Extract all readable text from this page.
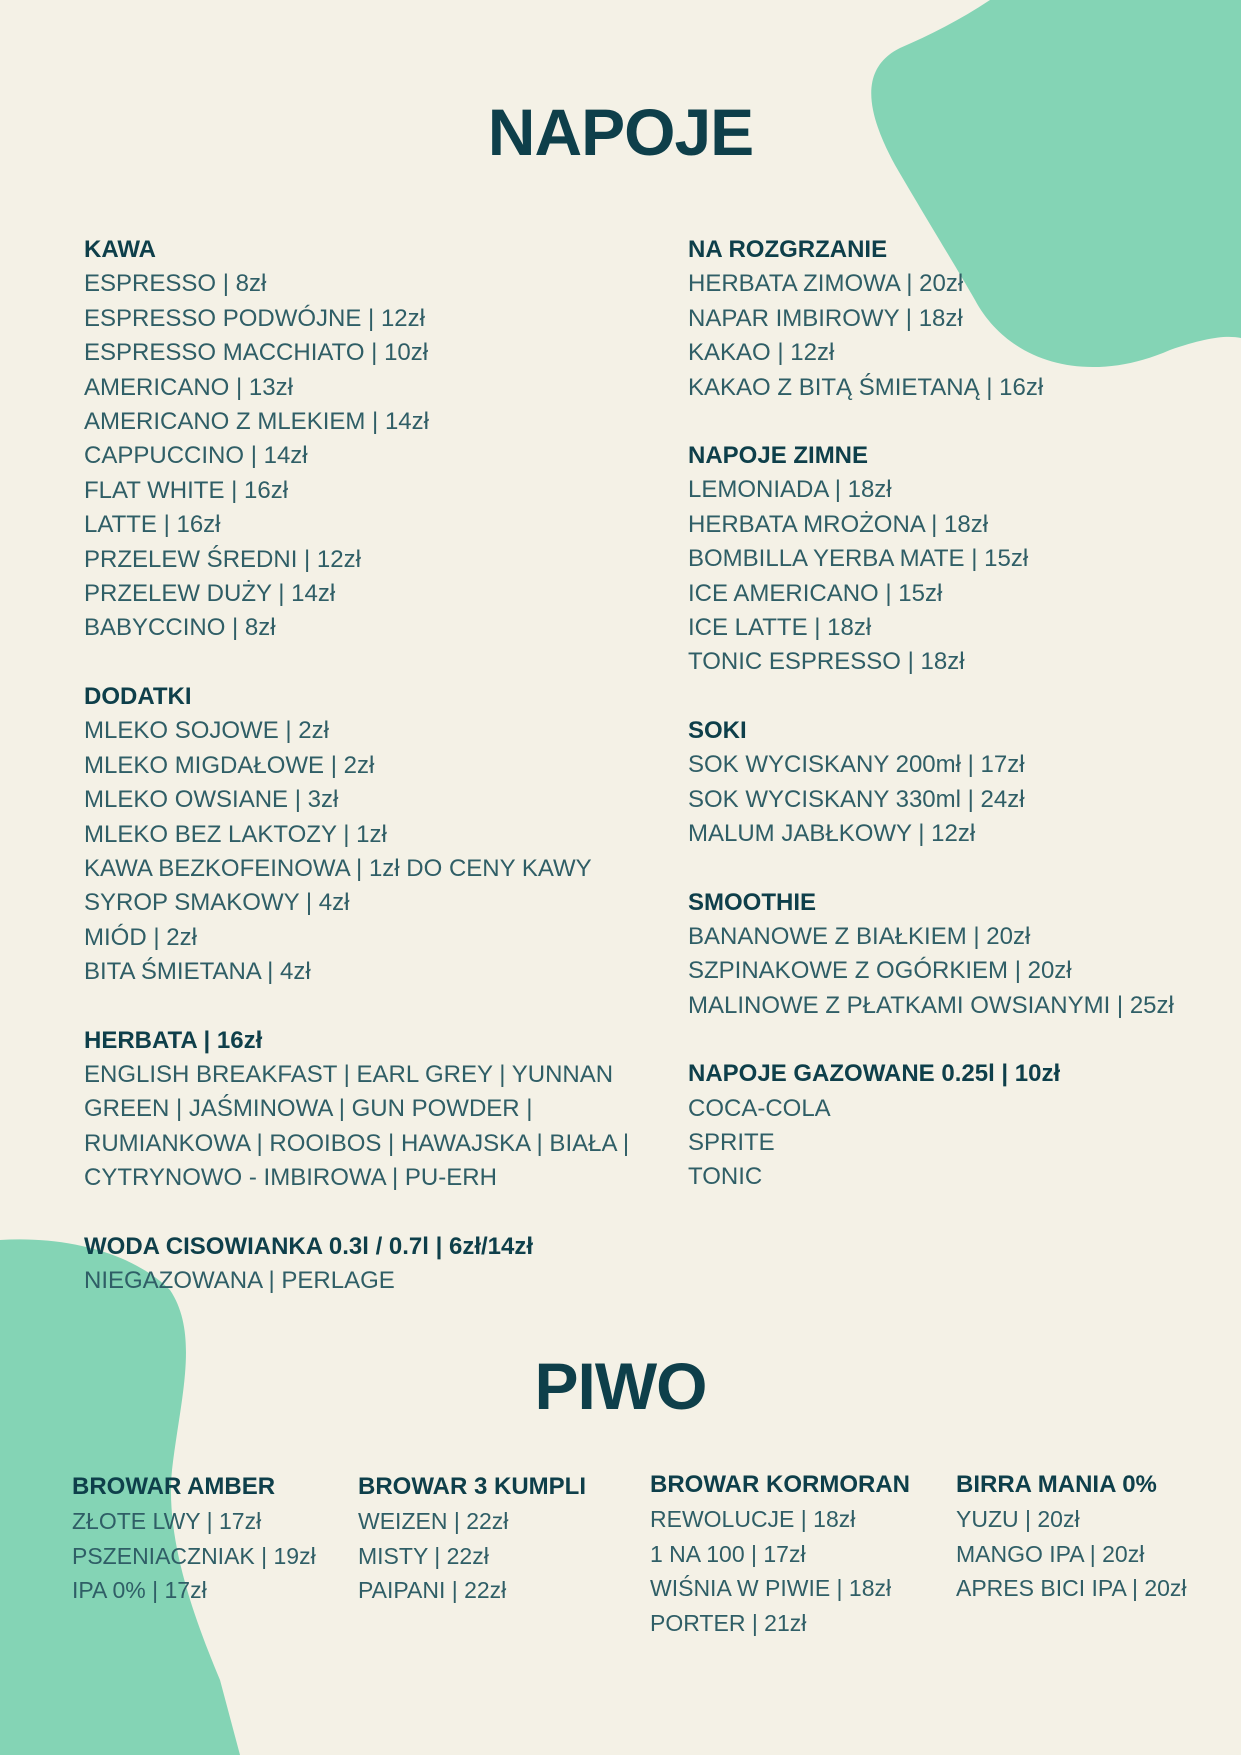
NAPOJE
KAWA
ESPRESSO | 8zł
ESPRESSO PODWÓJNE | 12zł
ESPRESSO MACCHIATO | 10zł
AMERICANO | 13zł
AMERICANO Z MLEKIEM | 14zł
CAPPUCCINO | 14zł
FLAT WHITE | 16zł
LATTE | 16zł
PRZELEW ŚREDNI | 12zł
PRZELEW DUŻY | 14zł
BABYCCINO | 8zł
DODATKI
MLEKO SOJOWE | 2zł
MLEKO MIGDAŁOWE | 2zł
MLEKO OWSIANE | 3zł
MLEKO BEZ LAKTOZY | 1zł
KAWA BEZKOFEINOWA | 1zł DO CENY KAWY
SYROP SMAKOWY | 4zł
MIÓD | 2zł
BITA ŚMIETANA | 4zł
HERBATA | 16zł
ENGLISH BREAKFAST | EARL GREY | YUNNAN
GREEN | JAŚMINOWA | GUN POWDER |
RUMIANKOWA | ROOIBOS | HAWAJSKA | BIAŁA |
CYTRYNOWO - IMBIROWA | PU-ERH
WODA CISOWIANKA 0.3l / 0.7l | 6zł/14zł
NIEGAZOWANA | PERLAGE
NA ROZGRZANIE
HERBATA ZIMOWA | 20zł
NAPAR IMBIROWY | 18zł
KAKAO | 12zł
KAKAO Z BITĄ ŚMIETANĄ | 16zł
NAPOJE ZIMNE
LEMONIADA | 18zł
HERBATA MROŻONA | 18zł
BOMBILLA YERBA MATE | 15zł
ICE AMERICANO | 15zł
ICE LATTE | 18zł
TONIC ESPRESSO | 18zł
SOKI
SOK WYCISKANY 200mł | 17zł
SOK WYCISKANY 330ml | 24zł
MALUM JABŁKOWY | 12zł
SMOOTHIE
BANANOWE Z BIAŁKIEM | 20zł
SZPINAKOWE Z OGÓRKIEM | 20zł
MALINOWE Z PŁATKAMI OWSIANYMI | 25zł
NAPOJE GAZOWANE 0.25l | 10zł
COCA-COLA
SPRITE
TONIC
PIWO
BROWAR AMBER
ZŁOTE LWY | 17zł
PSZENIACZNIAK | 19zł
IPA 0% | 17zł
BROWAR 3 KUMPLI
WEIZEN | 22zł
MISTY | 22zł
PAIPANI | 22zł
BROWAR KORMORAN
REWOLUCJE | 18zł
1 NA 100 | 17zł
WIŚNIA W PIWIE | 18zł
PORTER | 21zł
BIRRA MANIA 0%
YUZU | 20zł
MANGO IPA | 20zł
APRES BICI IPA | 20zł
